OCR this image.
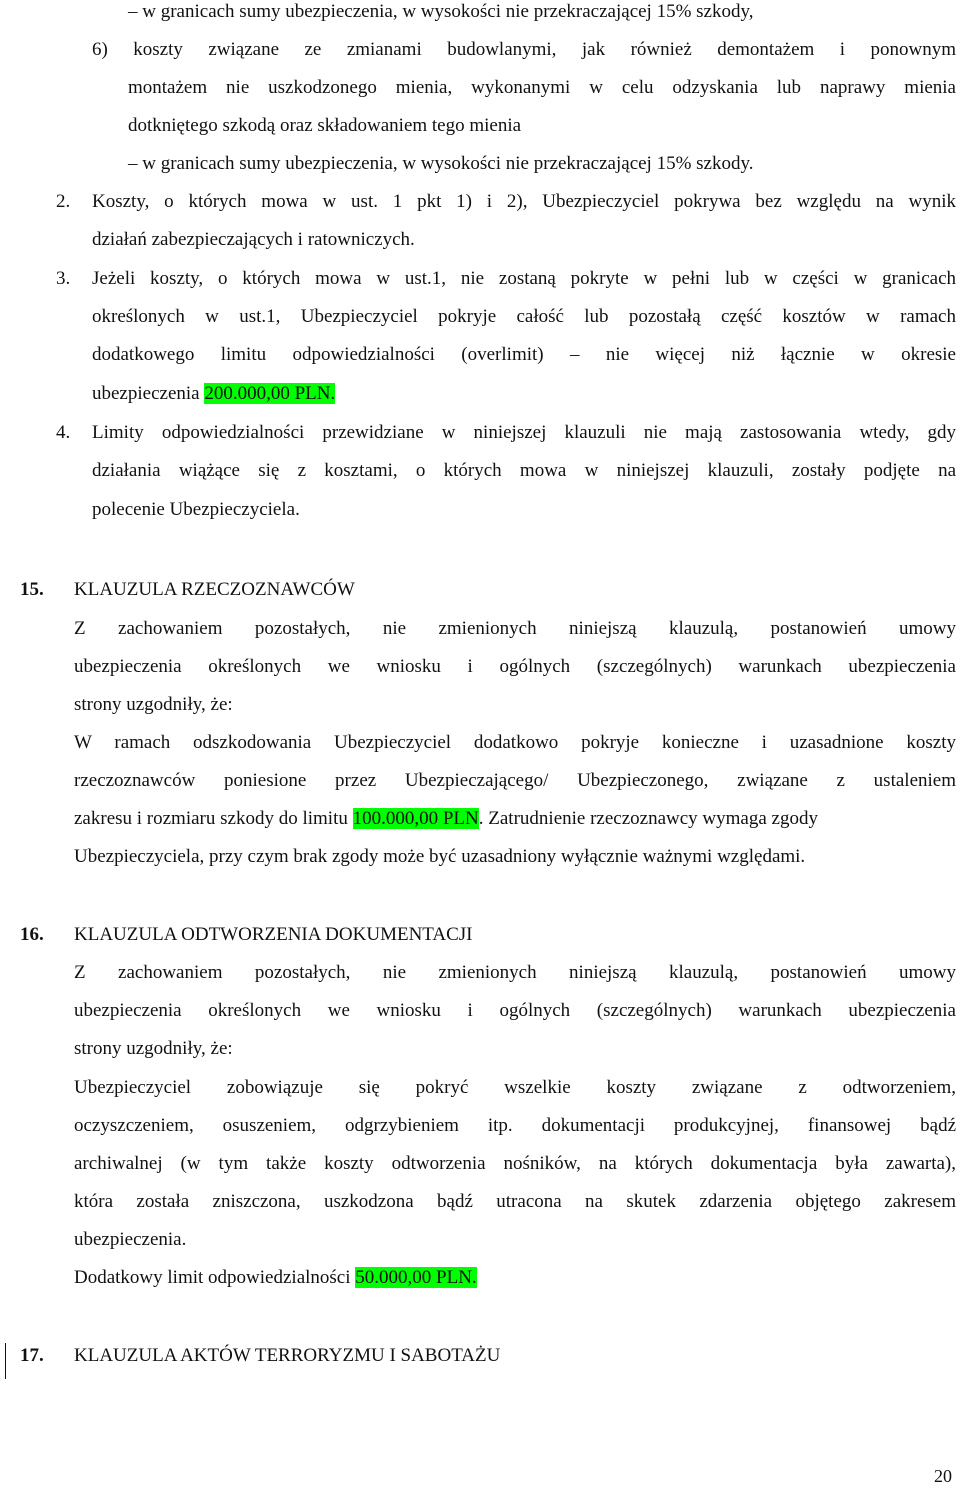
– w granicach sumy ubezpieczenia, w wysokości nie przekraczającej 15% szkody,
6) koszty związane ze zmianami budowlanymi, jak również demontażem i ponownym
montażem nie uszkodzonego mienia, wykonanymi w celu odzyskania lub naprawy mienia
dotkniętego szkodą oraz składowaniem tego mienia
– w granicach sumy ubezpieczenia, w wysokości nie przekraczającej 15% szkody.
2. Koszty, o których mowa w ust. 1 pkt 1) i 2), Ubezpieczyciel pokrywa bez względu na wynik
działań zabezpieczających i ratowniczych.
3. Jeżeli koszty, o których mowa w ust.1, nie zostaną pokryte w pełni lub w części w granicach
określonych w ust.1, Ubezpieczyciel pokryje całość lub pozostałą część kosztów w ramach
dodatkowego limitu odpowiedzialności (overlimit) – nie więcej niż łącznie w okresie
ubezpieczenia 200.000,00 PLN.
4. Limity odpowiedzialności przewidziane w niniejszej klauzuli nie mają zastosowania wtedy, gdy
działania wiążące się z kosztami, o których mowa w niniejszej klauzuli, zostały podjęte na
polecenie Ubezpieczyciela.
15. KLAUZULA RZECZOZNAWCÓW
Z zachowaniem pozostałych, nie zmienionych niniejszą klauzulą, postanowień umowy
ubezpieczenia określonych we wniosku i ogólnych (szczególnych) warunkach ubezpieczenia
strony uzgodniły, że:
W ramach odszkodowania Ubezpieczyciel dodatkowo pokryje konieczne i uzasadnione koszty
rzeczoznawców poniesione przez Ubezpieczającego/ Ubezpieczonego, związane z ustaleniem
zakresu i rozmiaru szkody do limitu 100.000,00 PLN. Zatrudnienie rzeczoznawcy wymaga zgody
Ubezpieczyciela, przy czym brak zgody może być uzasadniony wyłącznie ważnymi względami.
16. KLAUZULA ODTWORZENIA DOKUMENTACJI
Z zachowaniem pozostałych, nie zmienionych niniejszą klauzulą, postanowień umowy
ubezpieczenia określonych we wniosku i ogólnych (szczególnych) warunkach ubezpieczenia
strony uzgodniły, że:
Ubezpieczyciel zobowiązuje się pokryć wszelkie koszty związane z odtworzeniem,
oczyszczeniem, osuszeniem, odgrzybieniem itp. dokumentacji produkcyjnej, finansowej bądź
archiwalnej (w tym także koszty odtworzenia nośników, na których dokumentacja była zawarta),
która została zniszczona, uszkodzona bądź utracona na skutek zdarzenia objętego zakresem
ubezpieczenia.
Dodatkowy limit odpowiedzialności 50.000,00 PLN.
17. KLAUZULA AKTÓW TERRORYZMU I SABOTAŻU
20
